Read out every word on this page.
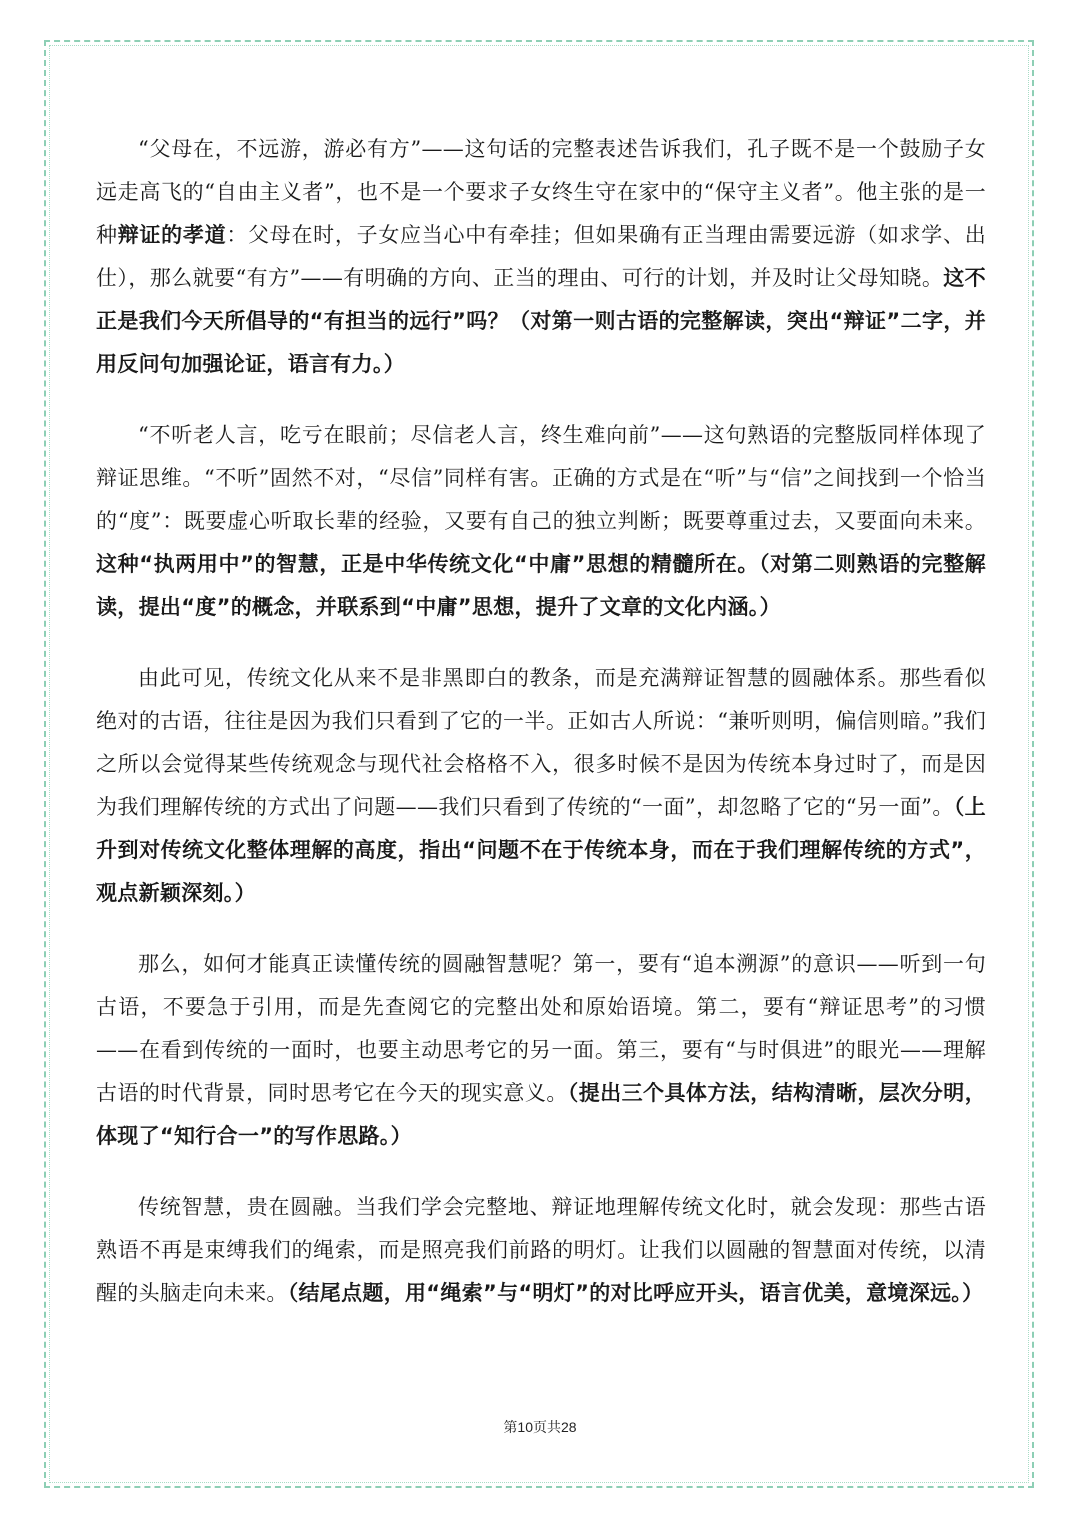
“父母在，不远游，游必有方”——这句话的完整表述告诉我们，孔子既不是一个鼓励子女远走高飞的“自由主义者”，也不是一个要求子女终生守在家中的“保守主义者”。他主张的是一种辩证的孝道：父母在时，子女应当心中有牵挂；但如果确有正当理由需要远游（如求学、出仕），那么就要“有方”——有明确的方向、正当的理由、可行的计划，并及时让父母知晓。这不正是我们今天所倡导的“有担当的远行”吗？（对第一则古语的完整解读，突出“辩证”二字，并用反问句加强论证，语言有力。）

“不听老人言，吃亏在眼前；尽信老人言，终生难向前”——这句熟语的完整版同样体现了辩证思维。“不听”固然不对，“尽信”同样有害。正确的方式是在“听”与“信”之间找到一个恰当的“度”：既要虚心听取长辈的经验，又要有自己的独立判断；既要尊重过去，又要面向未来。这种“执两用中”的智慧，正是中华传统文化“中庸”思想的精髓所在。（对第二则熟语的完整解读，提出“度”的概念，并联系到“中庸”思想，提升了文章的文化内涵。）

由此可见，传统文化从来不是非黑即白的教条，而是充满辩证智慧的圆融体系。那些看似绝对的古语，往往是因为我们只看到了它的一半。正如古人所说：“兼听则明，偏信则暗。”我们之所以会觉得某些传统观念与现代社会格格不入，很多时候不是因为传统本身过时了，而是因为我们理解传统的方式出了问题——我们只看到了传统的“一面”，却忽略了它的“另一面”。（上升到对传统文化整体理解的高度，指出“问题不在于传统本身，而在于我们理解传统的方式”，观点新颖深刻。）

那么，如何才能真正读懂传统的圆融智慧呢？第一，要有“追本溯源”的意识——听到一句古语，不要急于引用，而是先查阅它的完整出处和原始语境。第二，要有“辩证思考”的习惯——在看到传统的一面时，也要主动思考它的另一面。第三，要有“与时俱进”的眼光——理解古语的时代背景，同时思考它在今天的现实意义。（提出三个具体方法，结构清晰，层次分明，体现了“知行合一”的写作思路。）

传统智慧，贵在圆融。当我们学会完整地、辩证地理解传统文化时，就会发现：那些古语熟语不再是束缚我们的绳索，而是照亮我们前路的明灯。让我们以圆融的智慧面对传统，以清醒的头脑走向未来。（结尾点题，用“绳索”与“明灯”的对比呼应开头，语言优美，意境深远。）

第10页共28
